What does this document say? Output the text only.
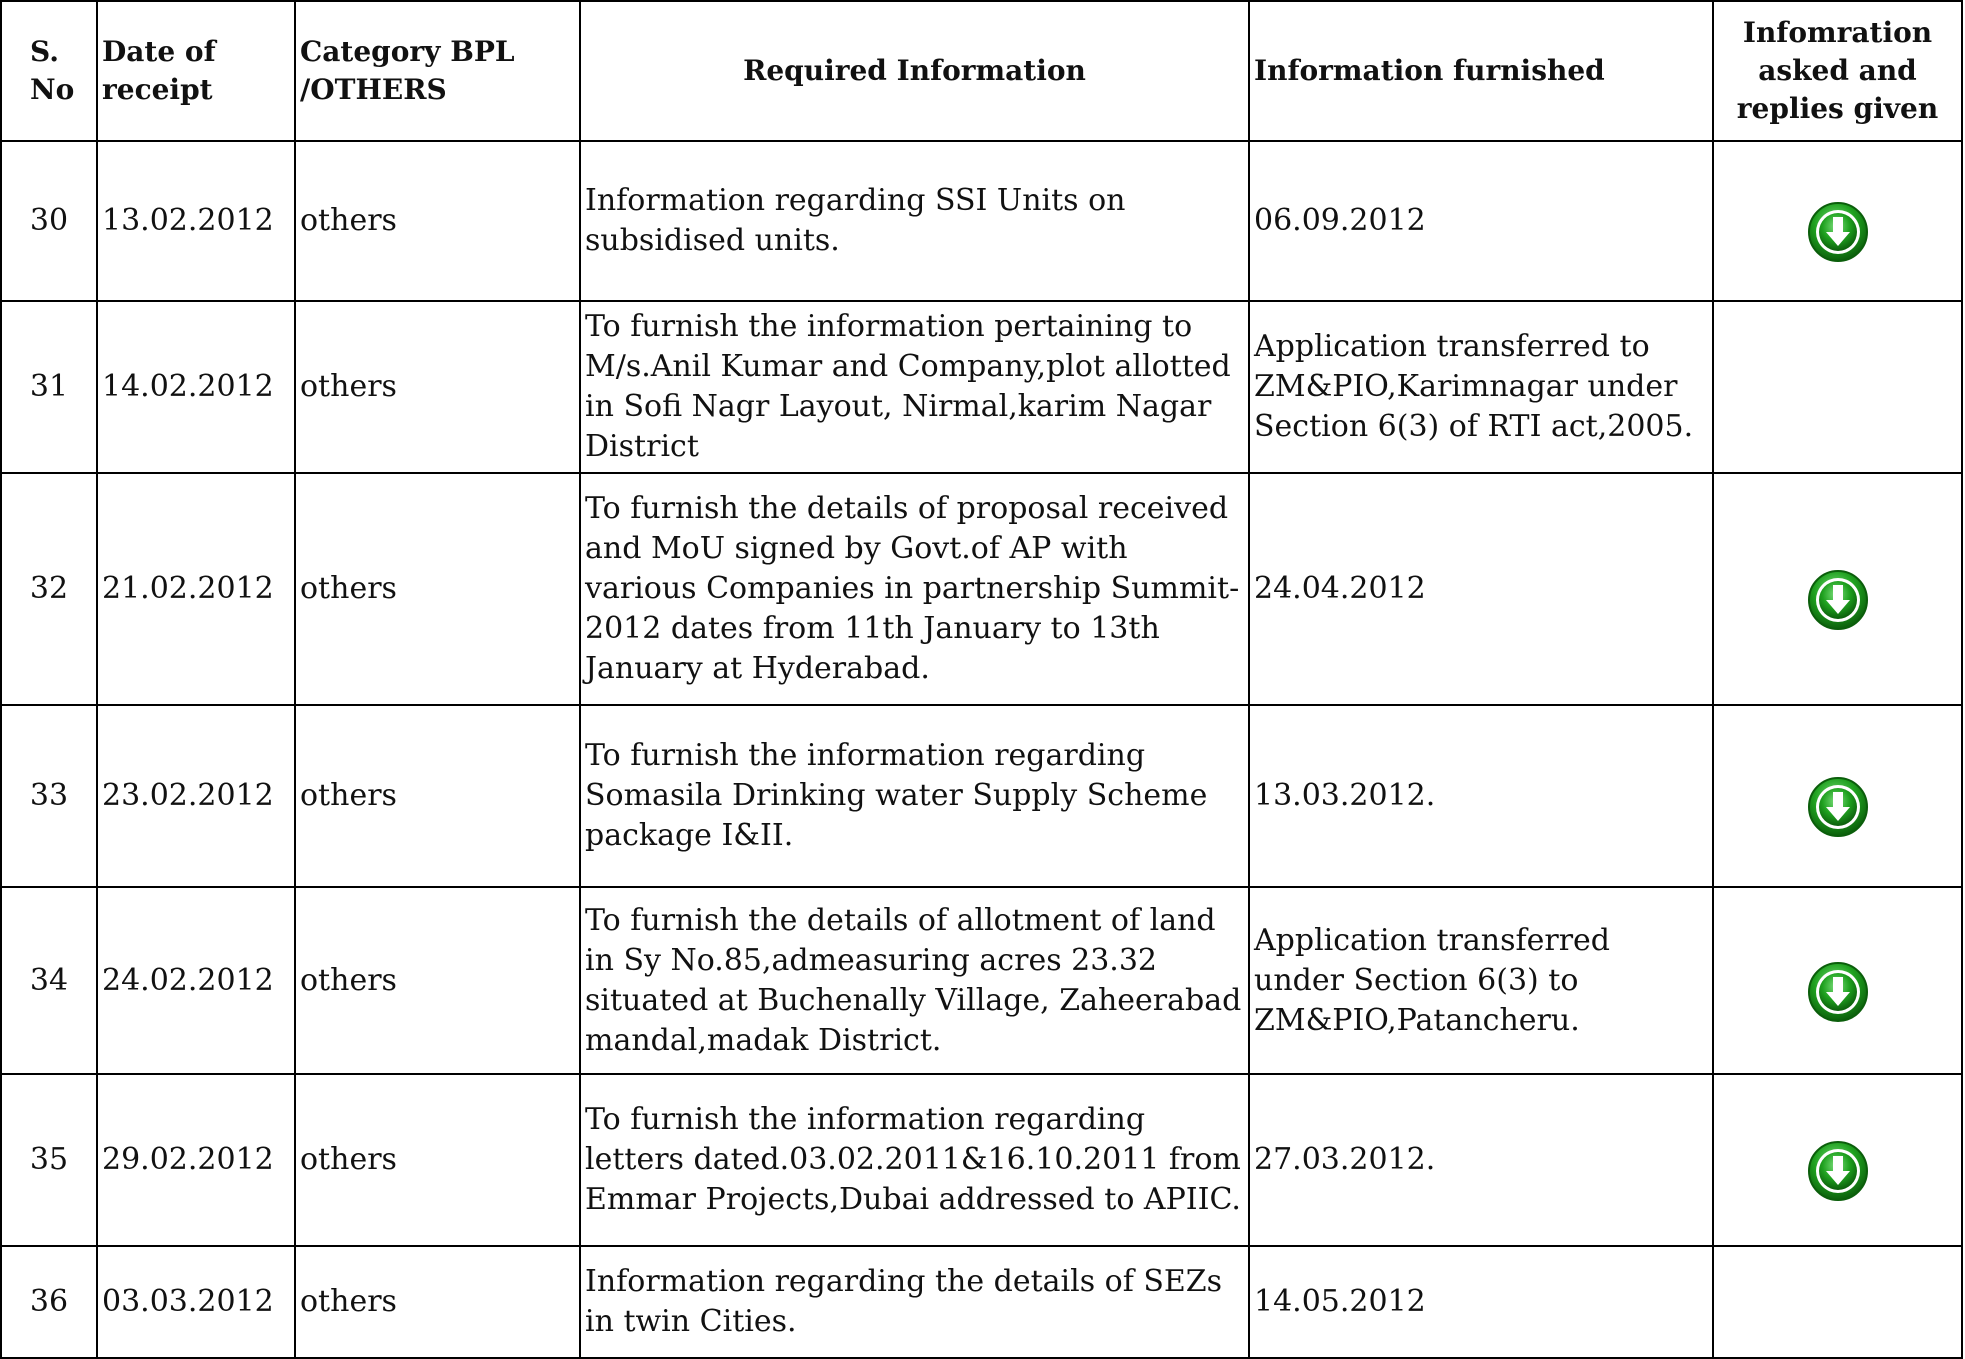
S. No	Date of receipt	Category BPL /OTHERS	Required Information	Information furnished	Infomration asked and replies given
30	13.02.2012	others	Information regarding SSI Units on subsidised units.	06.09.2012	
31	14.02.2012	others	To furnish the information pertaining to M/s.Anil Kumar and Company,plot allotted in Sofi Nagr Layout, Nirmal,karim Nagar District	Application transferred to ZM&PIO,Karimnagar under Section 6(3) of RTI act,2005.	
32	21.02.2012	others	To furnish the details of proposal received and MoU signed by Govt.of AP with various Companies in partnership Summit-2012 dates from 11th January to 13th January at Hyderabad.	24.04.2012	
33	23.02.2012	others	To furnish the information regarding Somasila Drinking water Supply Scheme package I&II.	13.03.2012.	
34	24.02.2012	others	To furnish the details of allotment of land in Sy No.85,admeasuring acres 23.32 situated at Buchenally Village, Zaheerabad mandal,madak District.	Application transferred under Section 6(3) to ZM&PIO,Patancheru.	
35	29.02.2012	others	To furnish the information regarding letters dated.03.02.2011&16.10.2011 from Emmar Projects,Dubai addressed to APIIC.	27.03.2012.	
36	03.03.2012	others	Information regarding the details of SEZs in twin Cities.	14.05.2012	
